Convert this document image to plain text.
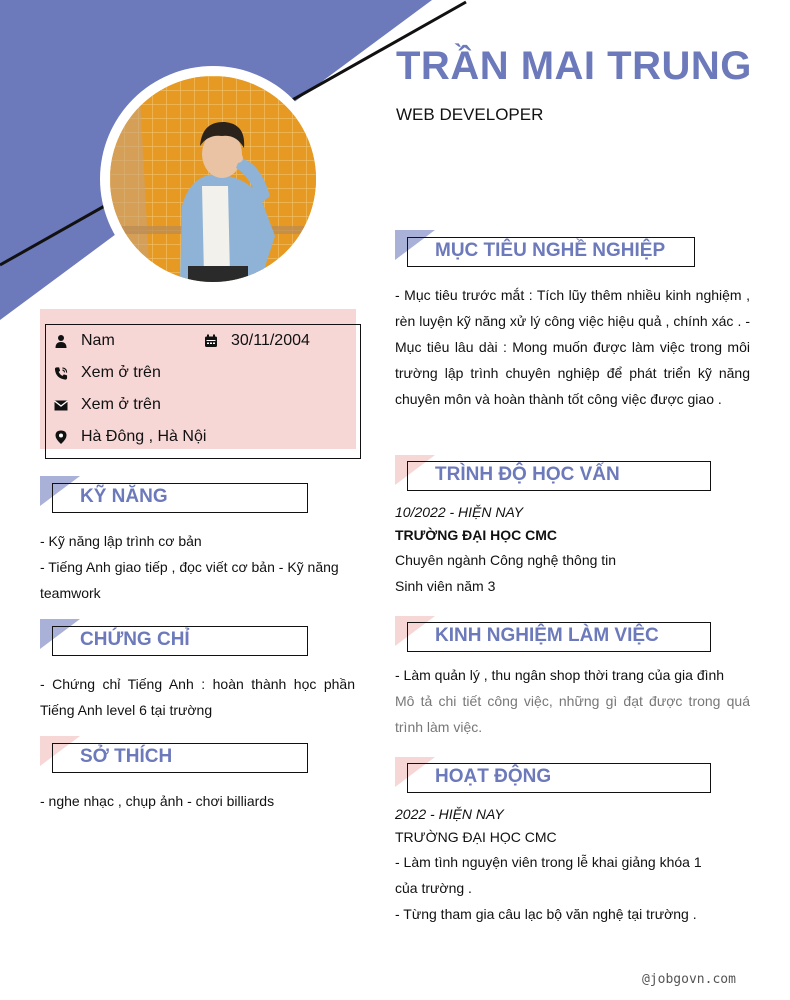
TRẦN MAI TRUNG
WEB DEVELOPER
Nam	30/11/2004
Xem ở trên
Xem ở trên
Hà Đông , Hà Nội
KỸ NĂNG
- Kỹ năng lập trình cơ bản
- Tiếng Anh giao tiếp , đọc viết cơ bản - Kỹ năng teamwork
CHỨNG CHỈ
- Chứng chỉ Tiếng Anh : hoàn thành học phần Tiếng Anh level 6 tại trường
SỞ THÍCH
- nghe nhạc , chụp ảnh - chơi billiards
MỤC TIÊU NGHỀ NGHIỆP
- Mục tiêu trước mắt : Tích lũy thêm nhiều kinh nghiệm , rèn luyện kỹ năng xử lý công việc hiệu quả , chính xác . - Mục tiêu lâu dài : Mong muốn được làm việc trong môi trường lập trình chuyên nghiệp để phát triển kỹ năng chuyên môn và hoàn thành tốt công việc được giao .
TRÌNH ĐỘ HỌC VẤN
10/2022 - HIỆN NAY
TRƯỜNG ĐẠI HỌC CMC
Chuyên ngành Công nghệ thông tin
Sinh viên năm 3
KINH NGHIỆM LÀM VIỆC
- Làm quản lý , thu ngân shop thời trang của gia đình
Mô tả chi tiết công việc, những gì đạt được trong quá trình làm việc.
HOẠT ĐỘNG
2022 - HIỆN NAY
TRƯỜNG ĐẠI HỌC CMC
- Làm tình nguyện viên trong lễ khai giảng khóa 1 của trường .
- Từng tham gia câu lạc bộ văn nghệ tại trường .
@jobgovn.com
